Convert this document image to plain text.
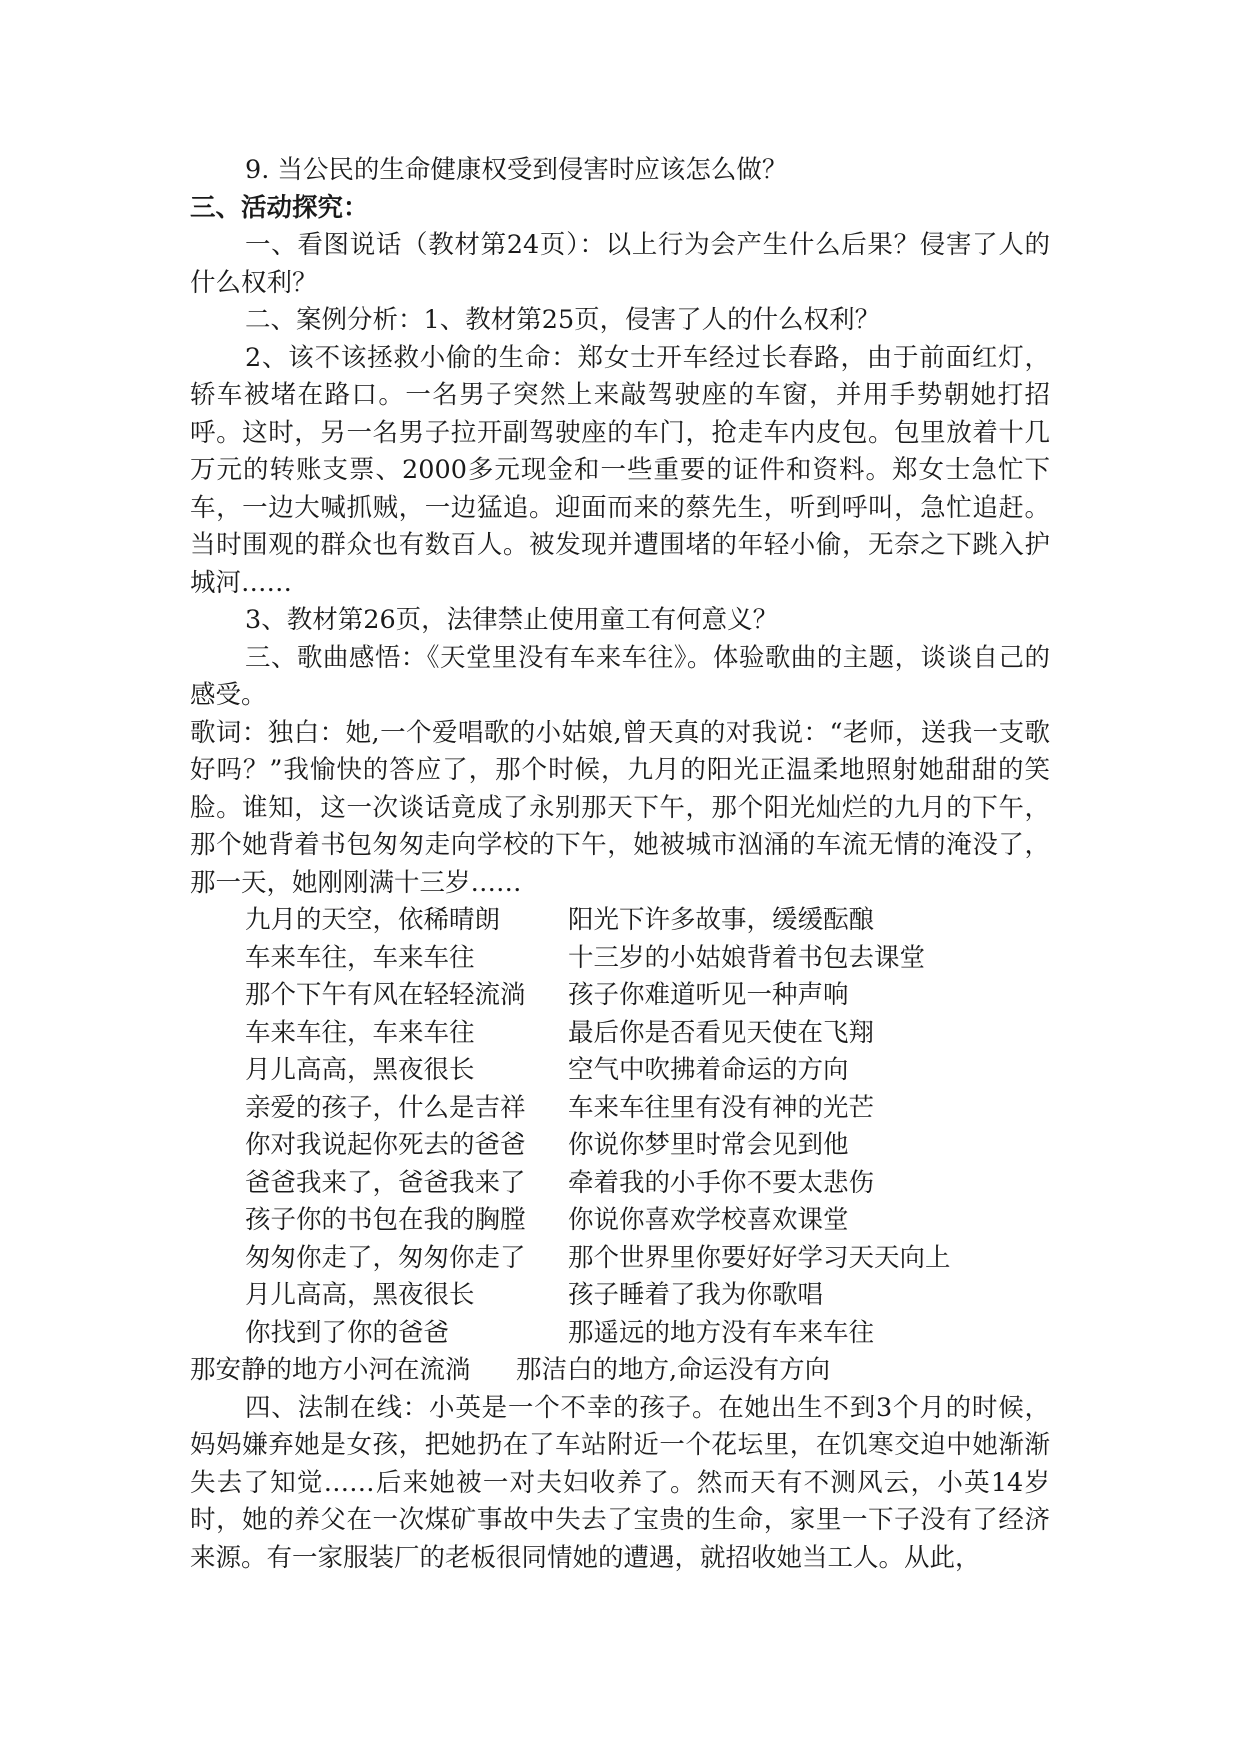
9. 当公民的生命健康权受到侵害时应该怎么做？

三、活动探究：

一、看图说话（教材第24页）：以上行为会产生什么后果？侵害了人的什么权利？

二、案例分析：1、教材第25页，侵害了人的什么权利？

2、该不该拯救小偷的生命：郑女士开车经过长春路，由于前面红灯，轿车被堵在路口。一名男子突然上来敲驾驶座的车窗，并用手势朝她打招呼。这时，另一名男子拉开副驾驶座的车门，抢走车内皮包。包里放着十几万元的转账支票、2000多元现金和一些重要的证件和资料。郑女士急忙下车，一边大喊抓贼，一边猛追。迎面而来的蔡先生，听到呼叫，急忙追赶。当时围观的群众也有数百人。被发现并遭围堵的年轻小偷，无奈之下跳入护城河……

3、教材第26页，法律禁止使用童工有何意义？

三、歌曲感悟：《天堂里没有车来车往》。体验歌曲的主题，谈谈自己的感受。

歌词：独白：她,一个爱唱歌的小姑娘,曾天真的对我说：“老师，送我一支歌好吗？”我愉快的答应了，那个时候，九月的阳光正温柔地照射她甜甜的笑脸。谁知，这一次谈话竟成了永别那天下午，那个阳光灿烂的九月的下午，那个她背着书包匆匆走向学校的下午，她被城市汹涌的车流无情的淹没了，那一天，她刚刚满十三岁……

九月的天空，依稀晴朗	阳光下许多故事，缓缓酝酿
车来车往，车来车往	十三岁的小姑娘背着书包去课堂
那个下午有风在轻轻流淌	孩子你难道听见一种声响
车来车往，车来车往	最后你是否看见天使在飞翔
月儿高高，黑夜很长	空气中吹拂着命运的方向
亲爱的孩子，什么是吉祥	车来车往里有没有神的光芒
你对我说起你死去的爸爸	你说你梦里时常会见到他
爸爸我来了，爸爸我来了	牵着我的小手你不要太悲伤
孩子你的书包在我的胸膛	你说你喜欢学校喜欢课堂
匆匆你走了，匆匆你走了	那个世界里你要好好学习天天向上
月儿高高，黑夜很长	孩子睡着了我为你歌唱
你找到了你的爸爸	那遥远的地方没有车来车往
那安静的地方小河在流淌	那洁白的地方,命运没有方向

四、法制在线：小英是一个不幸的孩子。在她出生不到3个月的时候，妈妈嫌弃她是女孩，把她扔在了车站附近一个花坛里，在饥寒交迫中她渐渐失去了知觉……后来她被一对夫妇收养了。然而天有不测风云，小英14岁时，她的养父在一次煤矿事故中失去了宝贵的生命，家里一下子没有了经济来源。有一家服装厂的老板很同情她的遭遇，就招收她当工人。从此，
